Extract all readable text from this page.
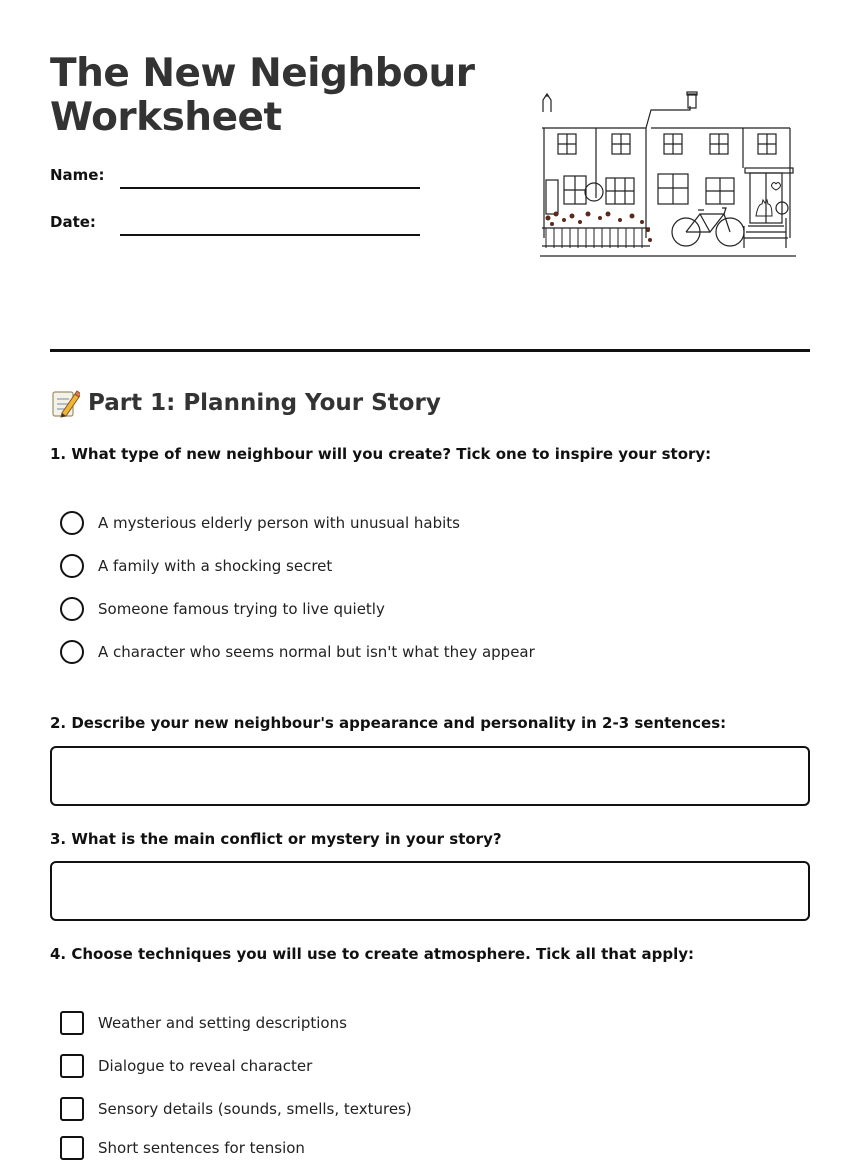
The New Neighbour Worksheet
Name:
Date:
Part 1: Planning Your Story
1. What type of new neighbour will you create? Tick one to inspire your story:
A mysterious elderly person with unusual habits
A family with a shocking secret
Someone famous trying to live quietly
A character who seems normal but isn't what they appear
2. Describe your new neighbour's appearance and personality in 2-3 sentences:
3. What is the main conflict or mystery in your story?
4. Choose techniques you will use to create atmosphere. Tick all that apply:
Weather and setting descriptions
Dialogue to reveal character
Sensory details (sounds, smells, textures)
Short sentences for tension
